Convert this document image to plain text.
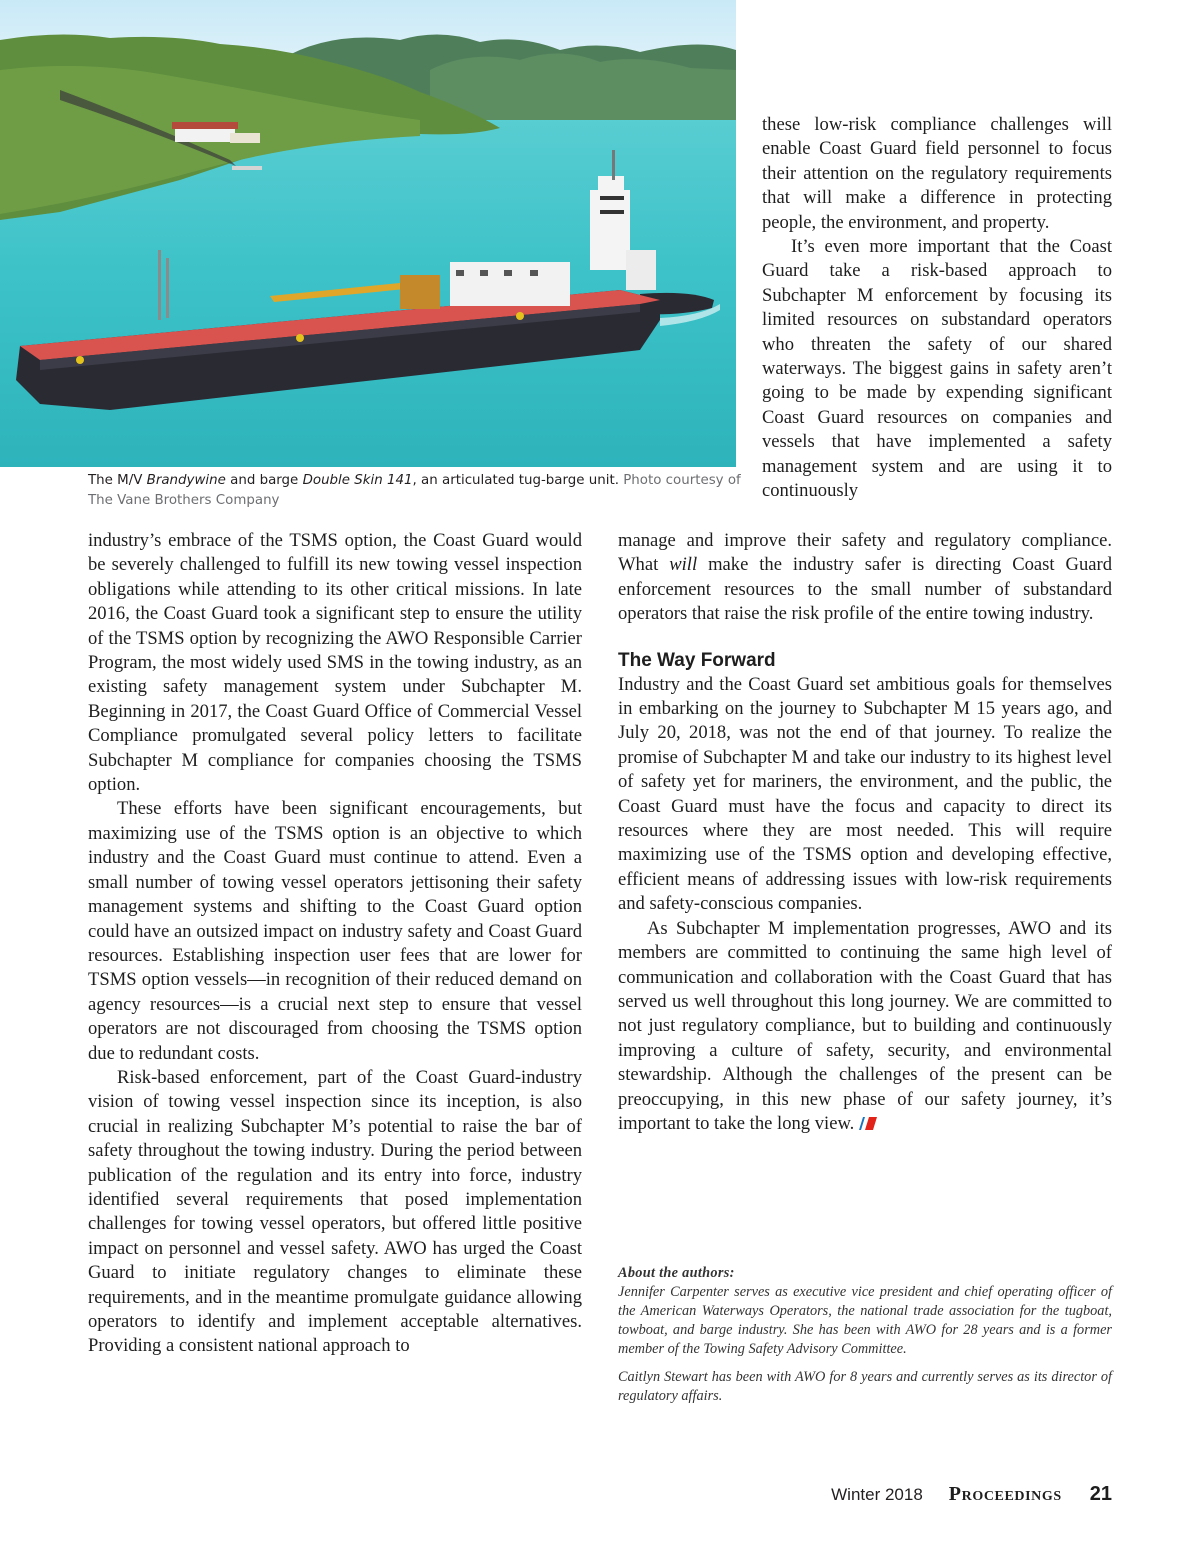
The M/V Brandywine and barge Double Skin 141, an articulated tug-barge unit. Photo courtesy of The Vane Brothers Company

these low-risk compliance challenges will enable Coast Guard field personnel to focus their attention on the regulatory requirements that will make a difference in protecting people, the environment, and property.

It’s even more important that the Coast Guard take a risk-based approach to Subchapter M enforcement by focusing its limited resources on substandard operators who threaten the safety of our shared waterways. The biggest gains in safety aren’t going to be made by expending significant Coast Guard resources on companies and vessels that have implemented a safety management system and are using it to continuously

industry’s embrace of the TSMS option, the Coast Guard would be severely challenged to fulfill its new towing vessel inspection obligations while attending to its other critical missions. In late 2016, the Coast Guard took a significant step to ensure the utility of the TSMS option by recognizing the AWO Responsible Carrier Program, the most widely used SMS in the towing industry, as an existing safety management system under Subchapter M. Beginning in 2017, the Coast Guard Office of Commercial Vessel Compliance promulgated several policy letters to facilitate Subchapter M compliance for companies choosing the TSMS option.

These efforts have been significant encouragements, but maximizing use of the TSMS option is an objective to which industry and the Coast Guard must continue to attend. Even a small number of towing vessel operators jettisoning their safety management systems and shifting to the Coast Guard option could have an outsized impact on industry safety and Coast Guard resources. Establishing inspection user fees that are lower for TSMS option vessels—in recognition of their reduced demand on agency resources—is a crucial next step to ensure that vessel operators are not discouraged from choosing the TSMS option due to redundant costs.

Risk-based enforcement, part of the Coast Guard-industry vision of towing vessel inspection since its inception, is also crucial in realizing Subchapter M’s potential to raise the bar of safety throughout the towing industry. During the period between publication of the regulation and its entry into force, industry identified several requirements that posed implementation challenges for towing vessel operators, but offered little positive impact on personnel and vessel safety. AWO has urged the Coast Guard to initiate regulatory changes to eliminate these requirements, and in the meantime promulgate guidance allowing operators to identify and implement acceptable alternatives. Providing a consistent national approach to

manage and improve their safety and regulatory compliance. What will make the industry safer is directing Coast Guard enforcement resources to the small number of substandard operators that raise the risk profile of the entire towing industry.

The Way Forward

Industry and the Coast Guard set ambitious goals for themselves in embarking on the journey to Subchapter M 15 years ago, and July 20, 2018, was not the end of that journey. To realize the promise of Subchapter M and take our industry to its highest level of safety yet for mariners, the environment, and the public, the Coast Guard must have the focus and capacity to direct its resources where they are most needed. This will require maximizing use of the TSMS option and developing effective, efficient means of addressing issues with low-risk requirements and safety-conscious companies.

As Subchapter M implementation progresses, AWO and its members are committed to continuing the same high level of communication and collaboration with the Coast Guard that has served us well throughout this long journey. We are committed to not just regulatory compliance, but to building and continuously improving a culture of safety, security, and environmental stewardship. Although the challenges of the present can be preoccupying, in this new phase of our safety journey, it’s important to take the long view.

About the authors:

Jennifer Carpenter serves as executive vice president and chief operating officer of the American Waterways Operators, the national trade association for the tugboat, towboat, and barge industry. She has been with AWO for 28 years and is a former member of the Towing Safety Advisory Committee.

Caitlyn Stewart has been with AWO for 8 years and currently serves as its director of regulatory affairs.

Winter 2018 Proceedings 21
